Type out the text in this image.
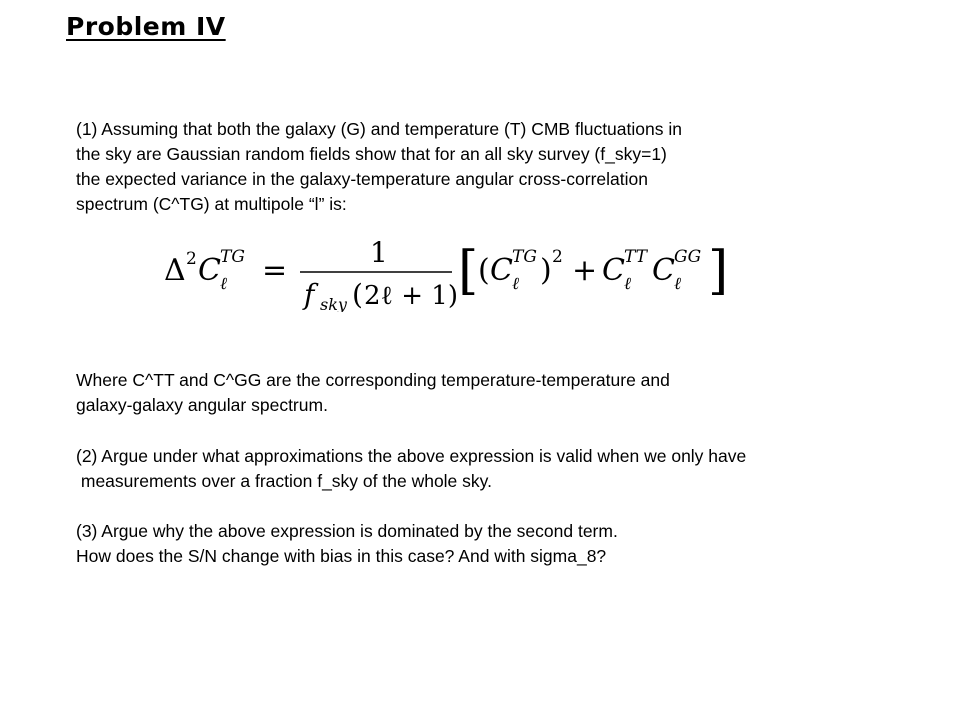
Problem IV
(1) Assuming that both the galaxy (G) and temperature (T) CMB fluctuations in
the sky are Gaussian random fields show that for an all sky survey (f_sky=1)
the expected variance in the galaxy-temperature angular cross-correlation
spectrum (C^TG) at multipole “l” is:
Δ 2 C TG
ℓ =
1
f sky ( 2ℓ + 1) [ ( C TG
ℓ ) 2 + C TT
ℓ C GG
ℓ ]
Where C^TT and C^GG are the corresponding temperature-temperature and
galaxy-galaxy angular spectrum.
(2) Argue under what approximations the above expression is valid when we only have
measurements over a fraction f_sky of the whole sky.
(3) Argue why the above expression is dominated by the second term.
How does the S/N change with bias in this case? And with sigma_8?
